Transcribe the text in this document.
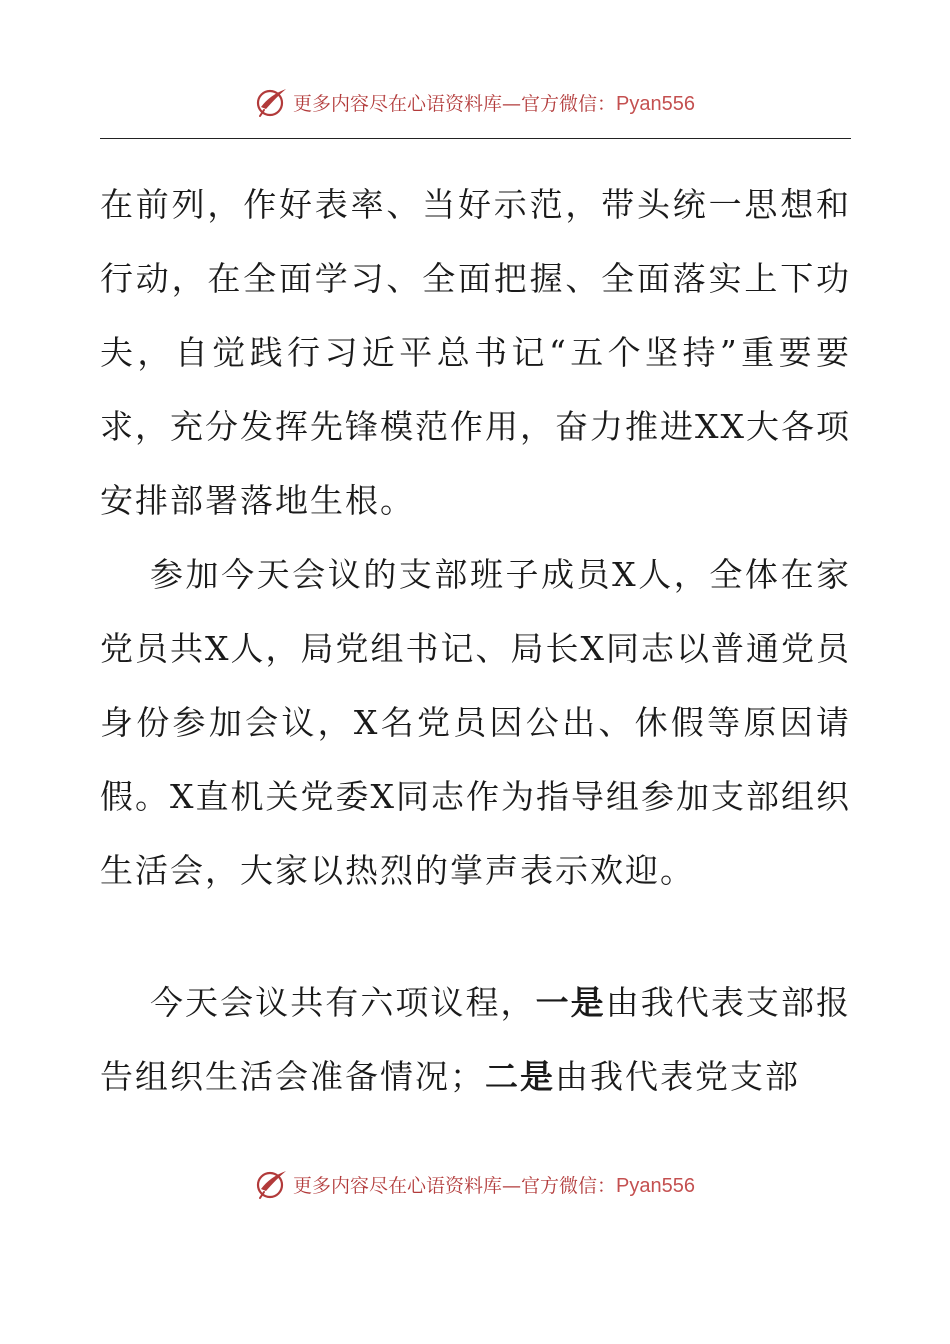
更多内容尽在心语资料库—官方微信：Pyan556

在前列，作好表率、当好示范，带头统一思想和行动，在全面学习、全面把握、全面落实上下功夫，自觉践行习近平总书记“五个坚持”重要要求，充分发挥先锋模范作用，奋力推进XX大各项安排部署落地生根。

参加今天会议的支部班子成员X人，全体在家党员共X人，局党组书记、局长X同志以普通党员身份参加会议，X名党员因公出、休假等原因请假。X直机关党委X同志作为指导组参加支部组织生活会，大家以热烈的掌声表示欢迎。

今天会议共有六项议程，一是由我代表支部报告组织生活会准备情况；二是由我代表党支部

更多内容尽在心语资料库—官方微信：Pyan556
